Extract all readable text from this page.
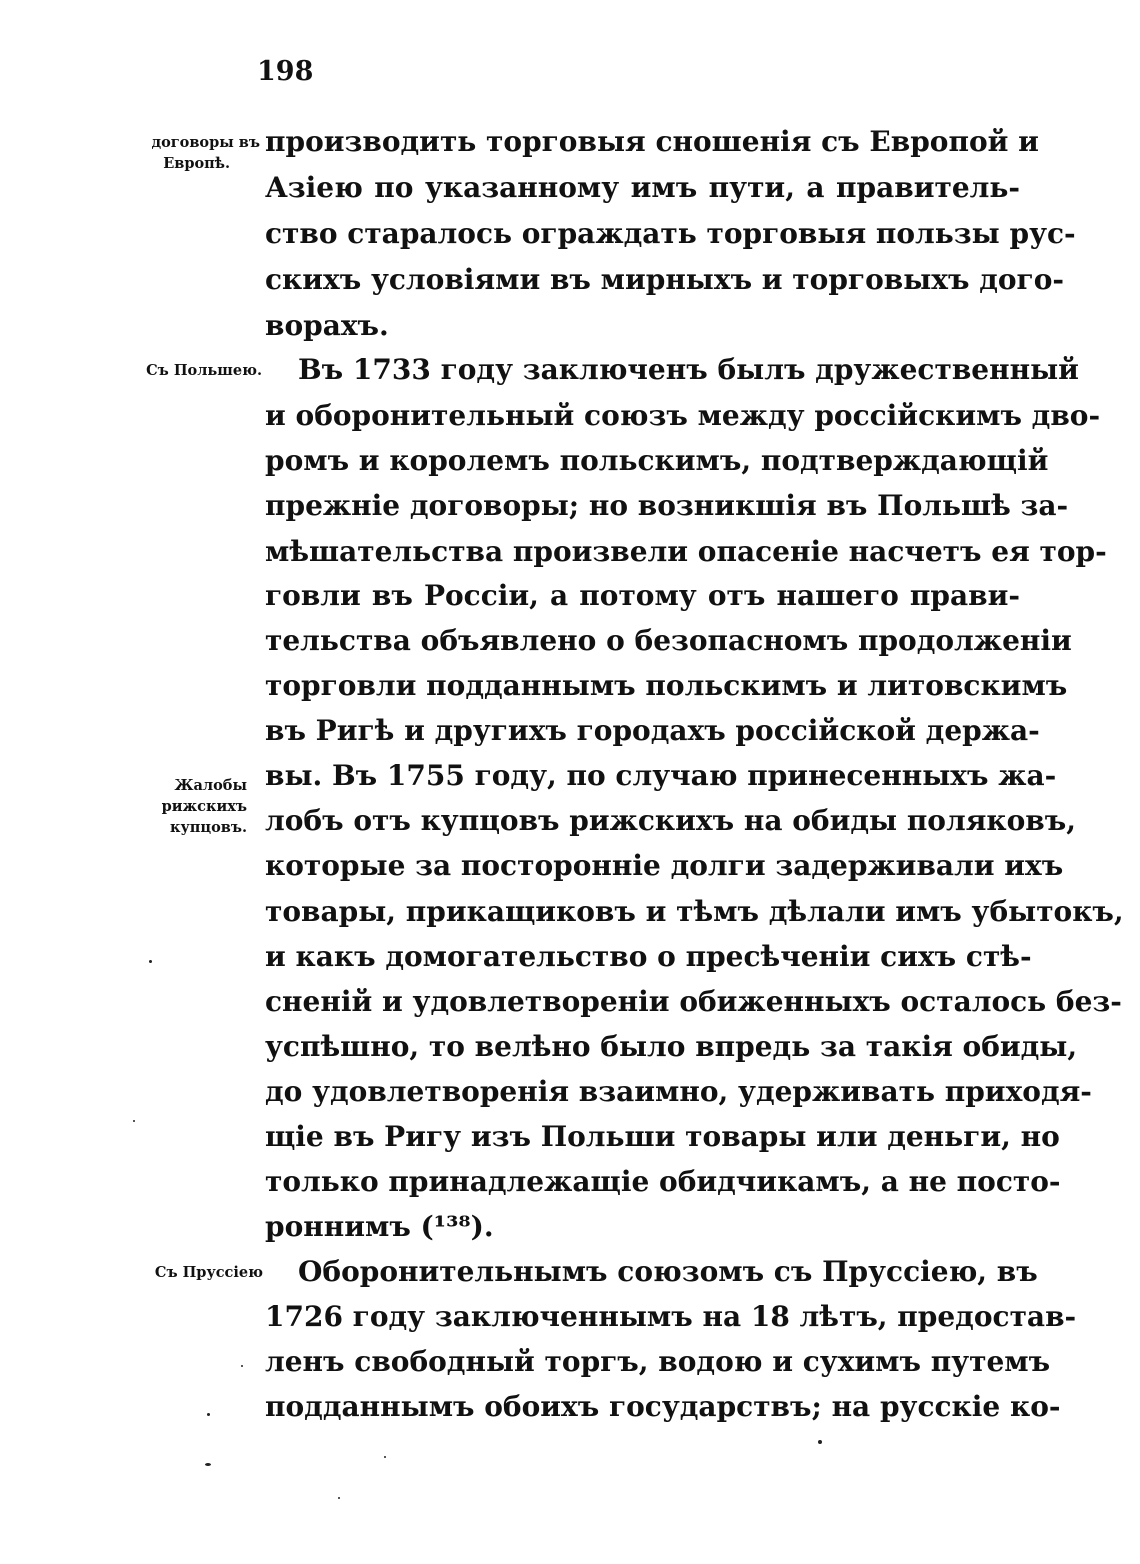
198
договоры въ
Европѣ.
Съ Польшею.
Жалобы
рижскихъ
купцовъ.
Съ Пруссiею
производить торговыя сношенія съ Европой и
Азіею по указанному имъ пути, а правитель-
ство старалось ограждать торговыя пользы рус-
скихъ условіями въ мирныхъ и торговыхъ дого-
ворахъ.
Въ 1733 году заключенъ былъ дружественный
и оборонительный союзъ между россійскимъ дво-
ромъ и королемъ польскимъ, подтверждающій
прежніе договоры; но возникшія въ Польшѣ за-
мѣшательства произвели опасеніе насчетъ ея тор-
говли въ Россіи, а потому отъ нашего прави-
тельства объявлено о безопасномъ продолженіи
торговли подданнымъ польскимъ и литовскимъ
въ Ригѣ и другихъ городахъ россійской держа-
вы. Въ 1755 году, по случаю принесенныхъ жа-
лобъ отъ купцовъ рижскихъ на обиды поляковъ,
которые за посторонніе долги задерживали ихъ
товары, прикащиковъ и тѣмъ дѣлали имъ убытокъ,
и какъ домогательство о пресѣченіи сихъ стѣ-
сненій и удовлетвореніи обиженныхъ осталось без-
успѣшно, то велѣно было впредь за такія обиды,
до удовлетворенія взаимно, удерживать приходя-
щіе въ Ригу изъ Польши товары или деньги, но
только принадлежащіе обидчикамъ, а не посто-
роннимъ (¹³⁸).
Оборонительнымъ союзомъ съ Пруссіею, въ
1726 году заключеннымъ на 18 лѣтъ, предостав-
ленъ свободный торгъ, водою и сухимъ путемъ
подданнымъ обоихъ государствъ; на русскіе ко-
